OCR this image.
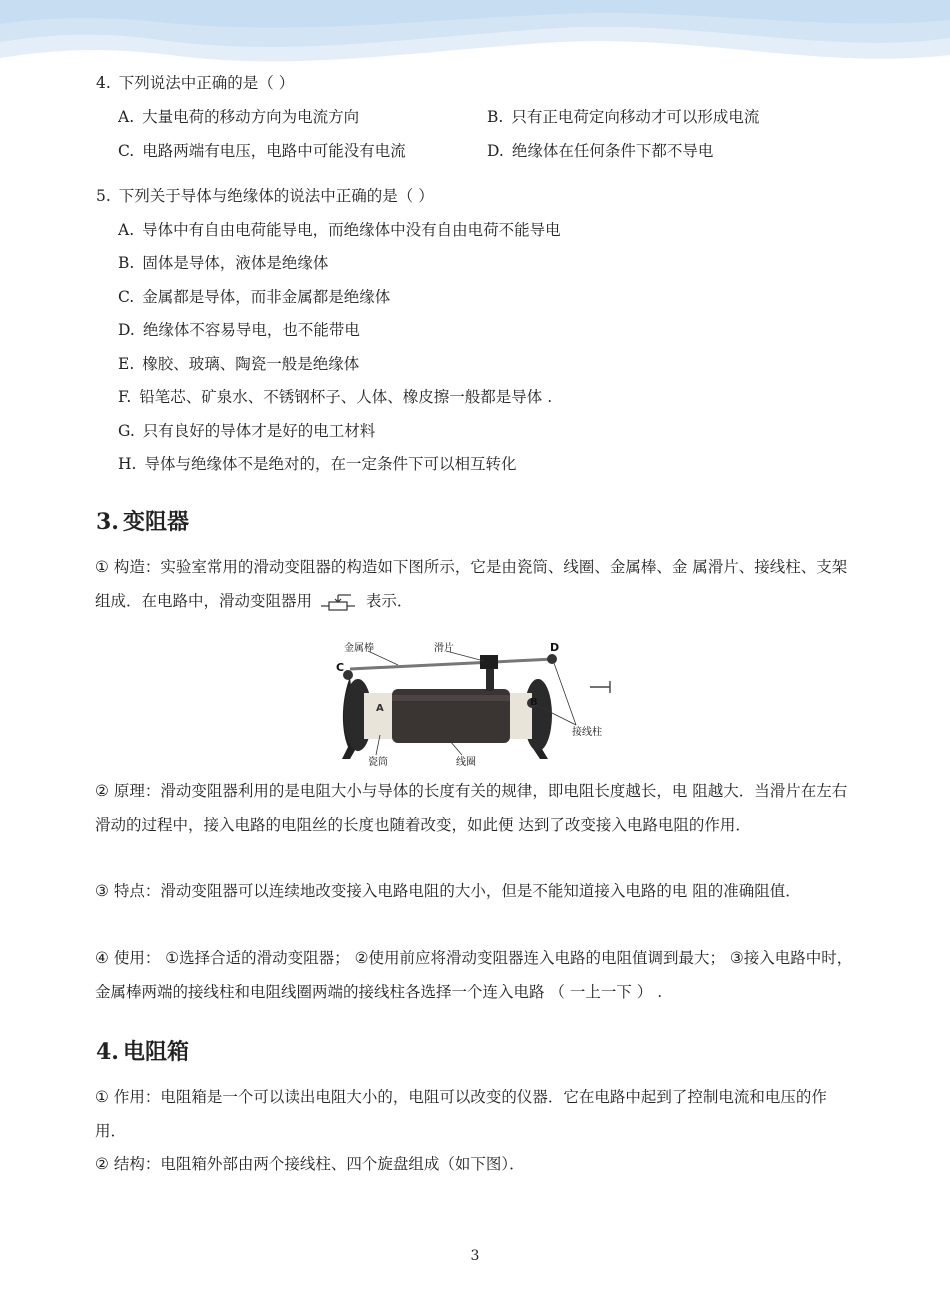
4. 下列说法中正确的是（ ）
A. 大量电荷的移动方向为电流方向	B. 只有正电荷定向移动才可以形成电流
C. 电路两端有电压，电路中可能没有电流	D. 绝缘体在任何条件下都不导电
5. 下列关于导体与绝缘体的说法中正确的是（ ）
A. 导体中有自由电荷能导电，而绝缘体中没有自由电荷不能导电
B. 固体是导体，液体是绝缘体
C. 金属都是导体，而非金属都是绝缘体
D. 绝缘体不容易导电，也不能带电
E. 橡胶、玻璃、陶瓷一般是绝缘体
F. 铅笔芯、矿泉水、不锈钢杯子、人体、橡皮擦一般都是导体 .
G. 只有良好的导体才是好的电工材料
H. 导体与绝缘体不是绝对的，在一定条件下可以相互转化
3. 变阻器
① 构造：实验室常用的滑动变阻器的构造如下图所示，它是由瓷筒、线圈、金属棒、金 属滑片、接线柱、支架组成．在电路中，滑动变阻器用	表示．
金属棒	滑片
C
D
A
B
瓷筒	线圈
接线柱
② 原理：滑动变阻器利用的是电阻大小与导体的长度有关的规律，即电阻长度越长，电 阻越大．当滑片在左右滑动的过程中，接入电路的电阻丝的长度也随着改变，如此便 达到了改变接入电路电阻的作用．
③ 特点：滑动变阻器可以连续地改变接入电路电阻的大小，但是不能知道接入电路的电 阻的准确阻值．
④ 使用： ①选择合适的滑动变阻器； ②使用前应将滑动变阻器连入电路的电阻值调到最大； ③接入电路中时，金属棒两端的接线柱和电阻线圈两端的接线柱各选择一个连入电路 （ 一上一下 ） .
4. 电阻箱
① 作用：电阻箱是一个可以读出电阻大小的，电阻可以改变的仪器．它在电路中起到了控制电流和电压的作用．
② 结构：电阻箱外部由两个接线柱、四个旋盘组成（如下图）．
3
